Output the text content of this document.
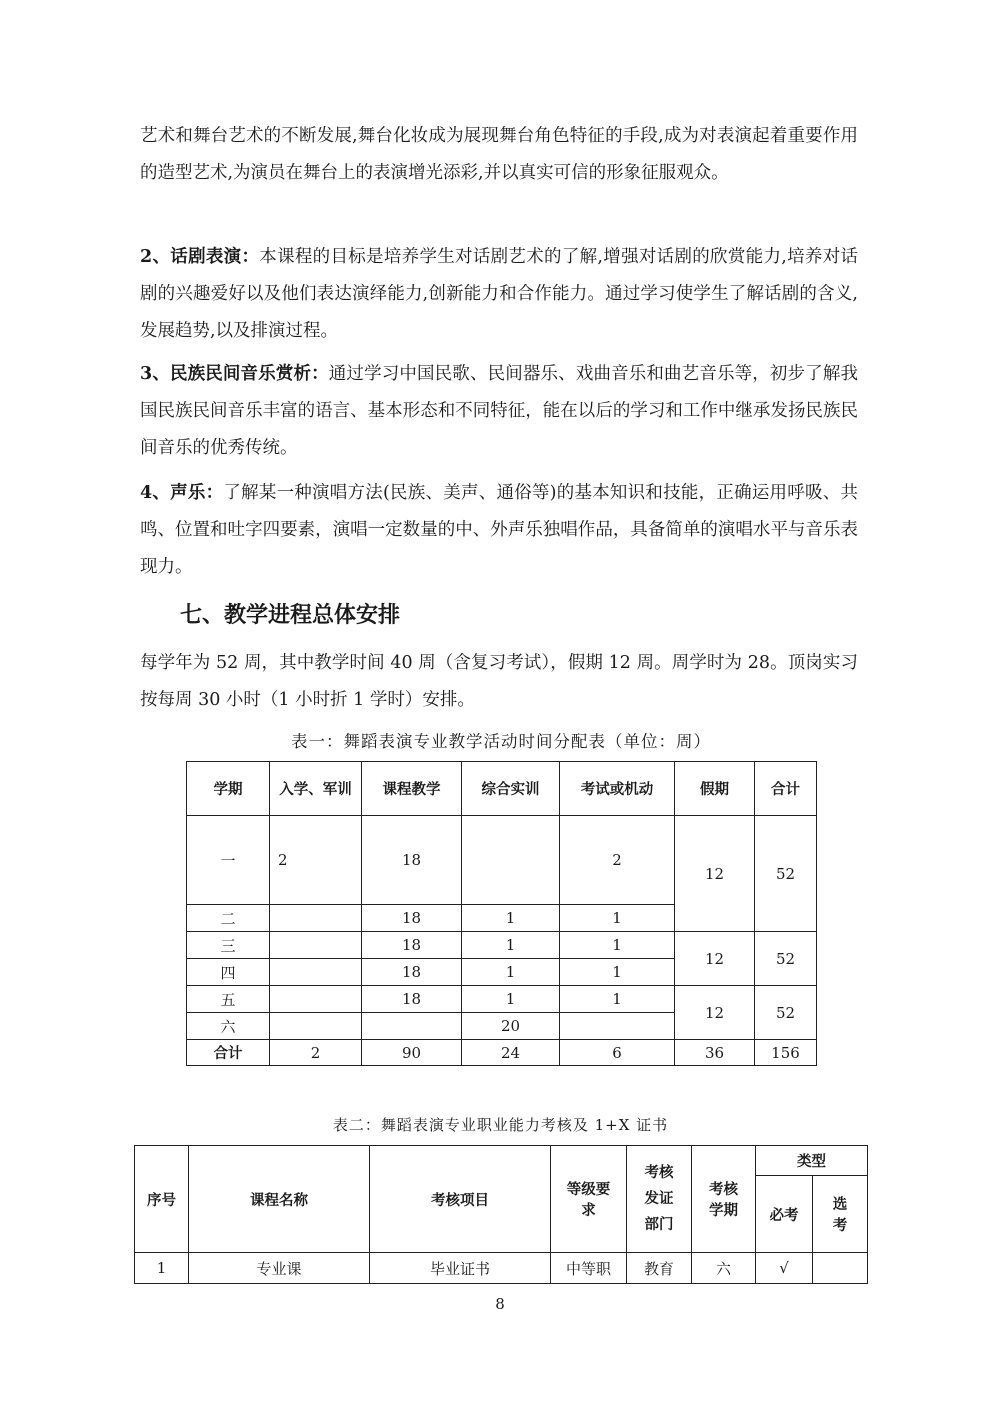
艺术和舞台艺术的不断发展,舞台化妆成为展现舞台角色特征的手段,成为对表演起着重要作用的造型艺术,为演员在舞台上的表演增光添彩,并以真实可信的形象征服观众。

2、话剧表演：本课程的目标是培养学生对话剧艺术的了解,增强对话剧的欣赏能力,培养对话剧的兴趣爱好以及他们表达演绎能力,创新能力和合作能力。通过学习使学生了解话剧的含义,发展趋势,以及排演过程。

3、民族民间音乐赏析：通过学习中国民歌、民间器乐、戏曲音乐和曲艺音乐等，初步了解我国民族民间音乐丰富的语言、基本形态和不同特征，能在以后的学习和工作中继承发扬民族民间音乐的优秀传统。

4、声乐：了解某一种演唱方法(民族、美声、通俗等)的基本知识和技能，正确运用呼吸、共鸣、位置和吐字四要素，演唱一定数量的中、外声乐独唱作品，具备简单的演唱水平与音乐表现力。

七、教学进程总体安排

每学年为 52 周，其中教学时间 40 周（含复习考试），假期 12 周。周学时为 28。顶岗实习按每周 30 小时（1 小时折 1 学时）安排。

表一：舞蹈表演专业教学活动时间分配表（单位：周）

学期	入学、军训	课程教学	综合实训	考试或机动	假期	合计
一	2	18		2	12	52
二		18	1	1		
三		18	1	1	12	52
四		18	1	1		
五		18	1	1	12	52
六			20			
合计	2	90	24	6	36	156

表二：舞蹈表演专业职业能力考核及 1+X 证书

序号	课程名称	考核项目	等级要求	考核发证部门	考核学期	类型	
						必考	选考
1	专业课	毕业证书	中等职	教育	六	√	

8
